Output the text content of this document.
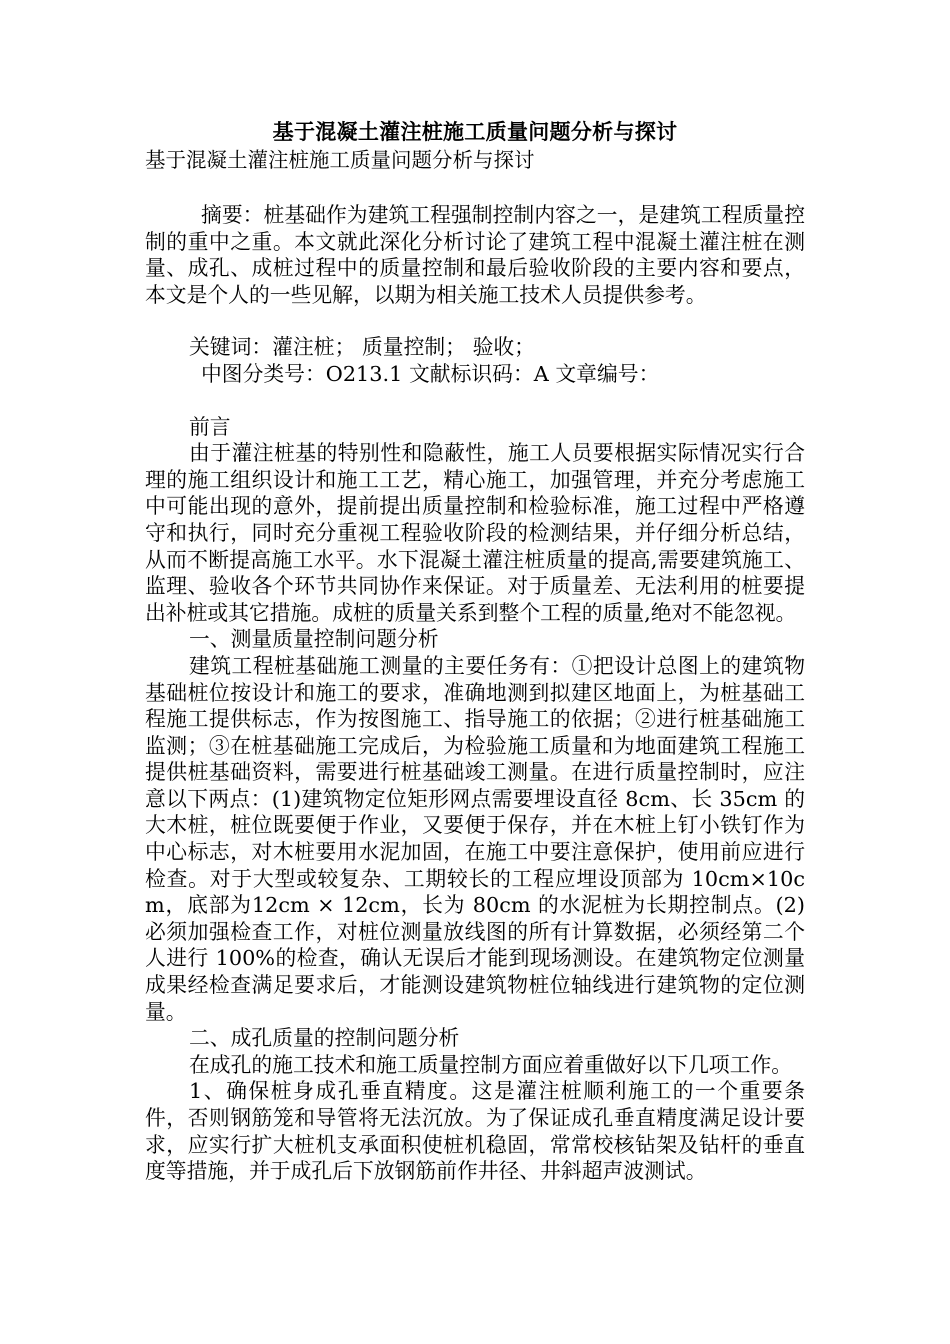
基于混凝土灌注桩施工质量问题分析与探讨

基于混凝土灌注桩施工质量问题分析与探讨

摘要：桩基础作为建筑工程强制控制内容之一，是建筑工程质量控制的重中之重。本文就此深化分析讨论了建筑工程中混凝土灌注桩在测量、成孔、成桩过程中的质量控制和最后验收阶段的主要内容和要点，本文是个人的一些见解，以期为相关施工技术人员提供参考。

关键词：灌注桩； 质量控制； 验收；

中图分类号：O213.1 文献标识码：A 文章编号：

前言

由于灌注桩基的特别性和隐蔽性，施工人员要根据实际情况实行合理的施工组织设计和施工工艺，精心施工，加强管理，并充分考虑施工中可能出现的意外，提前提出质量控制和检验标准，施工过程中严格遵守和执行，同时充分重视工程验收阶段的检测结果，并仔细分析总结，从而不断提高施工水平。水下混凝土灌注桩质量的提高,需要建筑施工、监理、验收各个环节共同协作来保证。对于质量差、无法利用的桩要提出补桩或其它措施。成桩的质量关系到整个工程的质量,绝对不能忽视。

一、测量质量控制问题分析

建筑工程桩基础施工测量的主要任务有：①把设计总图上的建筑物基础桩位按设计和施工的要求，准确地测到拟建区地面上，为桩基础工程施工提供标志，作为按图施工、指导施工的依据；②进行桩基础施工监测；③在桩基础施工完成后，为检验施工质量和为地面建筑工程施工提供桩基础资料，需要进行桩基础竣工测量。在进行质量控制时，应注意以下两点：(1)建筑物定位矩形网点需要埋设直径 8cm、长 35cm 的大木桩，桩位既要便于作业，又要便于保存，并在木桩上钉小铁钉作为中心标志，对木桩要用水泥加固，在施工中要注意保护，使用前应进行检查。对于大型或较复杂、工期较长的工程应埋设顶部为 10cm×10cm，底部为12cm × 12cm，长为 80cm 的水泥桩为长期控制点。(2)必须加强检查工作，对桩位测量放线图的所有计算数据，必须经第二个人进行 100%的检查，确认无误后才能到现场测设。在建筑物定位测量成果经检查满足要求后，才能测设建筑物桩位轴线进行建筑物的定位测量。

二、成孔质量的控制问题分析

在成孔的施工技术和施工质量控制方面应着重做好以下几项工作。

1、确保桩身成孔垂直精度。这是灌注桩顺利施工的一个重要条件，否则钢筋笼和导管将无法沉放。为了保证成孔垂直精度满足设计要求，应实行扩大桩机支承面积使桩机稳固，常常校核钻架及钻杆的垂直度等措施，并于成孔后下放钢筋前作井径、井斜超声波测试。
